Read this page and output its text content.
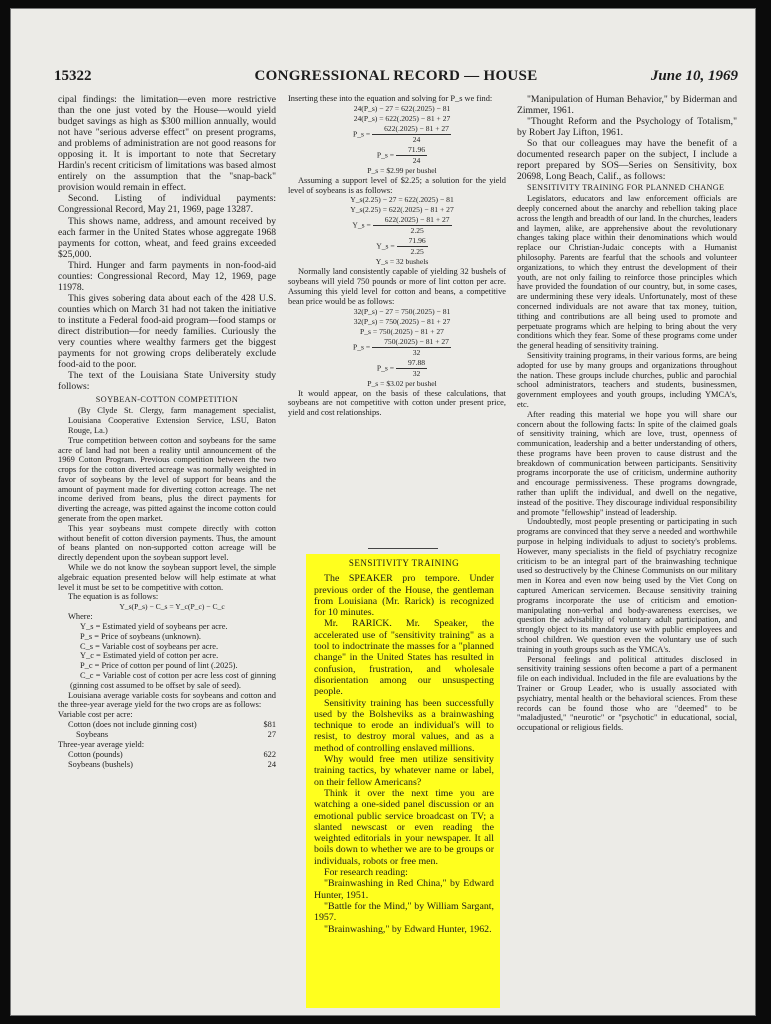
15322	CONGRESSIONAL RECORD — HOUSE	June 10, 1969

cipal findings: the limitation—even more restrictive than the one just voted by the House—would yield budget savings as high as $300 million annually, would not have "serious adverse effect" on present programs, and problems of administration are not good reasons for opposing it. It is important to note that Secretary Hardin's recent criticism of limitations was based almost entirely on the assumption that the "snap-back" provision would remain in effect.

Second. Listing of individual payments: Congressional Record, May 21, 1969, page 13287.

This shows name, address, and amount received by each farmer in the United States whose aggregate 1968 payments for cotton, wheat, and feed grains exceeded $25,000.

Third. Hunger and farm payments in non-food-aid counties: Congressional Record, May 12, 1969, page 11978.

This gives sobering data about each of the 428 U.S. counties which on March 31 had not taken the initiative to institute a Federal food-aid program—food stamps or direct distribution—for needy families. Curiously the very counties where wealthy farmers get the biggest payments for not growing crops deliberately exclude food-aid to the poor.

The text of the Louisiana State University study follows:

SOYBEAN-COTTON COMPETITION

(By Clyde St. Clergy, farm management specialist, Louisiana Cooperative Extension Service, LSU, Baton Rouge, La.)

True competition between cotton and soybeans for the same acre of land had not been a reality until announcement of the 1969 Cotton Program. Previous competition between the two crops for the cotton diverted acreage was normally weighted in favor of soybeans by the level of support for beans and the amount of payment made for diverting cotton acreage. The net income derived from beans, plus the direct payments for diverting the acreage, was pitted against the income cotton could generate from the open market.

This year soybeans must compete directly with cotton without benefit of cotton diversion payments. Thus, the amount of beans planted on non-supported cotton acreage will be directly dependent upon the soybean support level.

While we do not know the soybean support level, the simple algebraic equation presented below will help estimate at what level it must be set to be competitive with cotton.

The equation is as follows:

Y_s(P_s) − C_s = Y_c(P_c) − C_c

Where:

Y_s = Estimated yield of soybeans per acre.

P_s = Price of soybeans (unknown).

C_s = Variable cost of soybeans per acre.

Y_c = Estimated yield of cotton per acre.

P_c = Price of cotton per pound of lint (.2025).

C_c = Variable cost of cotton per acre less cost of ginning (ginning cost assumed to be offset by sale of seed).

Louisiana average variable costs for soybeans and cotton and the three-year average yield for the two crops are as follows:

Variable cost per acre:	
Cotton (does not include ginning cost)	$81
Soybeans	27
Three-year average yield:	
Cotton (pounds)	622
Soybeans (bushels)	24

Inserting these into the equation and solving for P_s we find:

24(P_s) − 27 = 622(.2025) − 81

24(P_s) = 622(.2025) − 81 + 27

P_s = $\frac{622(.2025) - 81 + 27}{24}$

P_s = $\frac{71.96}{24}$

P_s = $2.99 per bushel

Assuming a support level of $2.25; a solution for the yield level of soybeans is as follows:

Y_s(2.25) − 27 = 622(.2025) − 81

Y_s(2.25) = 622(.2025) − 81 + 27

Y_s = $\frac{622(.2025) - 81 + 27}{2.25}$

Y_s = $\frac{71.96}{2.25}$

Y_s = 32 bushels

Normally land consistently capable of yielding 32 bushels of soybeans will yield 750 pounds or more of lint cotton per acre. Assuming this yield level for cotton and beans, a competitive bean price would be as follows:

32(P_s) − 27 = 750(.2025) − 81

32(P_s) = 750(.2025) − 81 + 27

P_s = 750(.2025) − 81 + 27

P_s = $\frac{750(.2025) - 81 + 27}{32}$

P_s = $\frac{97.88}{32}$

P_s = $3.02 per bushel

It would appear, on the basis of these calculations, that soybeans are not competitive with cotton under present price, yield and cost relationships.

SENSITIVITY TRAINING

The SPEAKER pro tempore. Under previous order of the House, the gentleman from Louisiana (Mr. Rarick) is recognized for 10 minutes.

Mr. RARICK. Mr. Speaker, the accelerated use of "sensitivity training" as a tool to indoctrinate the masses for a "planned change" in the United States has resulted in confusion, frustration, and wholesale disorientation among our unsuspecting people.

Sensitivity training has been successfully used by the Bolsheviks as a brainwashing technique to erode an individual's will to resist, to destroy moral values, and as a method of controlling enslaved millions.

Why would free men utilize sensitivity training tactics, by whatever name or label, on their fellow Americans?

Think it over the next time you are watching a one-sided panel discussion or an emotional public service broadcast on TV; a slanted newscast or even reading the weighted editorials in your newspaper. It all boils down to whether we are to be groups or individuals, robots or free men.

For research reading:

"Brainwashing in Red China," by Edward Hunter, 1951.

"Battle for the Mind," by William Sargant, 1957.

"Brainwashing," by Edward Hunter, 1962.

"Manipulation of Human Behavior," by Biderman and Zimmer, 1961.

"Thought Reform and the Psychology of Totalism," by Robert Jay Lifton, 1961.

So that our colleagues may have the benefit of a documented research paper on the subject, I include a report prepared by SOS—Series on Sensitivity, box 20698, Long Beach, Calif., as follows:

SENSITIVITY TRAINING FOR PLANNED CHANGE

Legislators, educators and law enforcement officials are deeply concerned about the anarchy and rebellion taking place across the length and breadth of our land. In the churches, leaders and laymen, alike, are apprehensive about the revolutionary changes taking place within their denominations which would replace our Christian-Judaic concepts with a Humanist philosophy. Parents are fearful that the schools and volunteer organizations, to which they entrust the development of their youth, are not only failing to reinforce those principles which have provided the foundation of our country, but, in some cases, are undermining these very ideals. Unfortunately, most of these concerned individuals are not aware that tax money, tuition, tithing and contributions are all being used to promote and perpetuate programs which are helping to bring about the very conditions which they fear. Some of these programs come under the general heading of sensitivity training.

Sensitivity training programs, in their various forms, are being adopted for use by many groups and organizations throughout the nation. These groups include churches, public and parochial school administrators, teachers and students, businessmen, government employees and youth groups, including YMCA's, etc.

After reading this material we hope you will share our concern about the following facts: In spite of the claimed goals of sensitivity training, which are love, trust, openness of communication, leadership and a better understanding of others, these programs have been proven to cause distrust and the breakdown of communication between participants. Sensitivity programs incorporate the use of criticism, undermine authority and encourage permissiveness. These programs downgrade, rather than uplift the individual, and dwell on the negative, instead of the positive. They discourage individual responsibility and promote "fellowship" instead of leadership.

Undoubtedly, most people presenting or participating in such programs are convinced that they serve a needed and worthwhile purpose in helping individuals to adjust to society's problems. However, many specialists in the field of psychiatry recognize criticism to be an integral part of the brainwashing technique used so destructively by the Chinese Communists on our military men in Korea and even now being used by the Viet Cong on captured American servicemen. Because sensitivity training programs incorporate the use of criticism and emotion-manipulating non-verbal and body-awareness exercises, we question the advisability of voluntary adult participation, and strongly object to its mandatory use with public employees and school children. We question even the voluntary use of such training in youth groups such as the YMCA's.

Personal feelings and political attitudes disclosed in sensitivity training sessions often become a part of a permanent file on each individual. Included in the file are evaluations by the Trainer or Group Leader, who is usually associated with psychiatry, mental health or the behavioral sciences. From these records can be found those who are "deemed" to be "maladjusted," "neurotic" or "psychotic" in educational, social, occupational or religious fields.
